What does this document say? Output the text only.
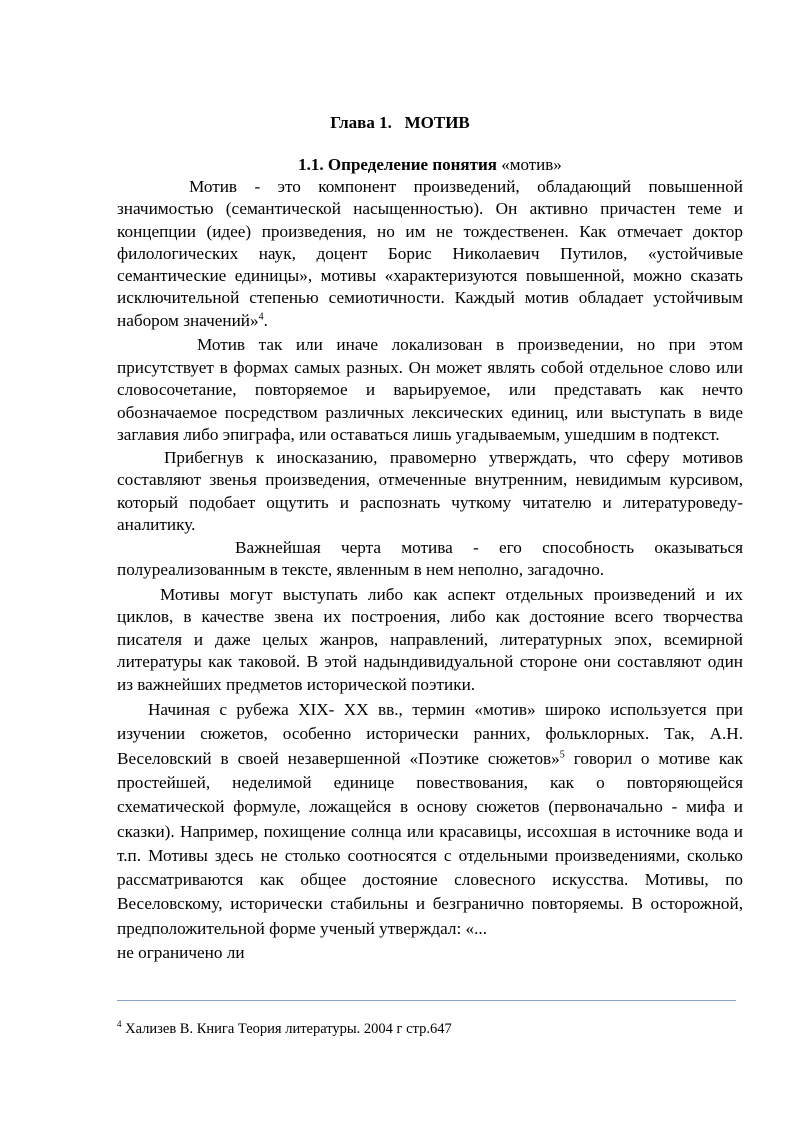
Глава 1.   МОТИВ
1.1. Определение понятия «мотив»

Мотив - это компонент произведений, обладающий повышенной значимостью (семантической насыщенностью). Он активно причастен теме и концепции (идее) произведения, но им не тождественен. Как отмечает доктор филологических наук, доцент Борис Николаевич Путилов, «устойчивые семантические единицы», мотивы «характеризуются повышенной, можно сказать исключительной степенью семиотичности. Каждый мотив обладает устойчивым набором значений»$^4$.

Мотив так или иначе локализован в произведении, но при этом присутствует в формах самых разных. Он может являть собой отдельное слово или словосочетание, повторяемое и варьируемое, или представать как нечто обозначаемое посредством различных лексических единиц, или выступать в виде заглавия либо эпиграфа, или оставаться лишь угадываемым, ушедшим в подтекст.

Прибегнув к иносказанию, правомерно утверждать, что сферу мотивов составляют звенья произведения, отмеченные внутренним, невидимым курсивом, который подобает ощутить и распознать чуткому читателю и литературоведу-аналитику.

Важнейшая черта мотива - его способность оказываться полуреализованным в тексте, явленным в нем неполно, загадочно.

Мотивы могут выступать либо как аспект отдельных произведений и их циклов, в качестве звена их построения, либо как достояние всего творчества писателя и даже целых жанров, направлений, литературных эпох, всемирной литературы как таковой. В этой надындивидуальной стороне они составляют один из важнейших предметов исторической поэтики.

Начиная с рубежа XIX- XX вв., термин «мотив» широко используется при изучении сюжетов, особенно исторически ранних, фольклорных. Так, А.Н. Веселовский в своей незавершенной «Поэтике сюжетов»$^5$ говорил о мотиве как простейшей, неделимой единице повествования, как о повторяющейся схематической формуле, ложащейся в основу сюжетов (первоначально - мифа и сказки). Например, похищение солнца или красавицы, иссохшая в источнике вода и т.п. Мотивы здесь не столько соотносятся с отдельными произведениями, сколько рассматриваются как общее достояние словесного искусства. Мотивы, по Веселовскому, исторически стабильны и безгранично повторяемы. В осторожной, предположительной форме ученый утверждал: «...

не ограничено ли

$^4$ Хализев В. Книга Теория литературы. 2004 г стр.647
